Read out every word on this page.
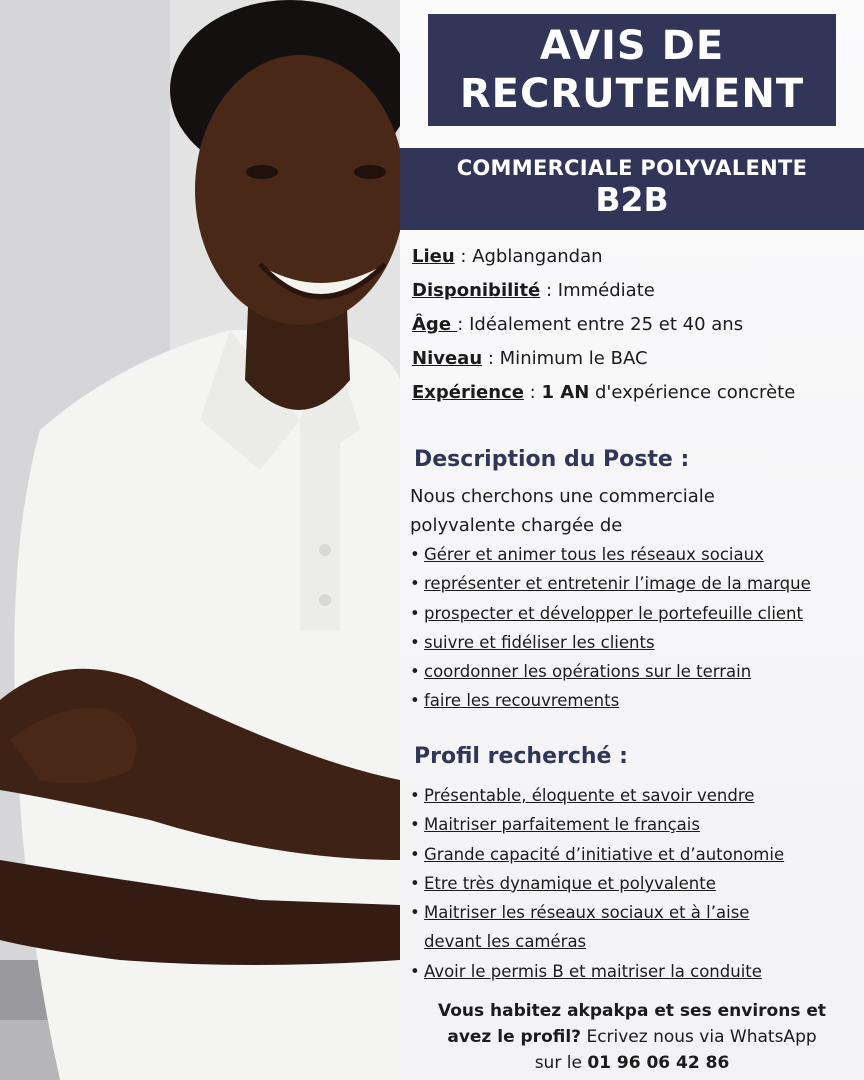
AVIS DE
RECRUTEMENT
COMMERCIALE POLYVALENTE
B2B
Lieu : Agblangandan
Disponibilité : Immédiate
Âge : Idéalement entre 25 et 40 ans
Niveau : Minimum le BAC
Expérience : 1 AN d'expérience concrète
Description du Poste :
Nous cherchons une commerciale
polyvalente chargée de
• Gérer et animer tous les réseaux sociaux
• représenter et entretenir l’image de la marque
• prospecter et développer le portefeuille client
• suivre et fidéliser les clients
• coordonner les opérations sur le terrain
• faire les recouvrements
Profil recherché :
• Présentable, éloquente et savoir vendre
• Maitriser parfaitement le français
• Grande capacité d’initiative et d’autonomie
• Etre très dynamique et polyvalente
• Maitriser les réseaux sociaux et à l’aise
devant les caméras
• Avoir le permis B et maitriser la conduite
Vous habitez akpakpa et ses environs et
avez le profil? Ecrivez nous via WhatsApp
sur le 01 96 06 42 86
